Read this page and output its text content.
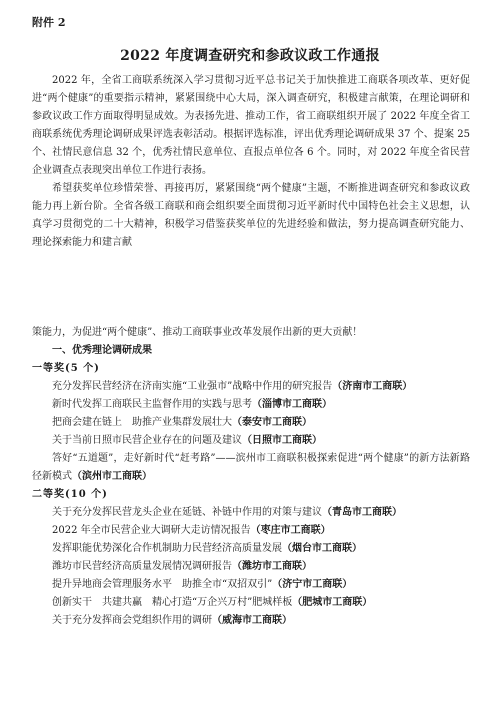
附件 2
2022 年度调查研究和参政议政工作通报

2022 年，全省工商联系统深入学习贯彻习近平总书记关于加快推进工商联各项改革、更好促进“两个健康”的重要指示精神，紧紧围绕中心大局，深入调查研究，积极建言献策，在理论调研和参政议政工作方面取得明显成效。为表扬先进、推动工作，省工商联组织开展了 2022 年度全省工商联系统优秀理论调研成果评选表彰活动。根据评选标准，评出优秀理论调研成果 37 个、提案 25 个、社情民意信息 32 个，优秀社情民意单位、直报点单位各 6 个。同时，对 2022 年度全省民营企业调查点表现突出单位工作进行表扬。

希望获奖单位珍惜荣誉、再接再厉，紧紧围绕“两个健康”主题，不断推进调查研究和参政议政能力再上新台阶。全省各级工商联和商会组织要全面贯彻习近平新时代中国特色社会主义思想，认真学习贯彻党的二十大精神，积极学习借鉴获奖单位的先进经验和做法，努力提高调查研究能力、理论探索能力和建言献

策能力，为促进“两个健康”、推动工商联事业改革发展作出新的更大贡献！

一、优秀理论调研成果

一等奖(5 个)

充分发挥民营经济在济南实施“工业强市”战略中作用的研究报告（济南市工商联）

新时代发挥工商联民主监督作用的实践与思考（淄博市工商联）

把商会建在链上　助推产业集群发展壮大（泰安市工商联）

关于当前日照市民营企业存在的问题及建议（日照市工商联）

答好“五道题”，走好新时代“赶考路”——滨州市工商联积极探索促进“两个健康”的新方法新路径新模式（滨州市工商联）

二等奖(10 个)

关于充分发挥民营龙头企业在延链、补链中作用的对策与建议（青岛市工商联）

2022 年全市民营企业大调研大走访情况报告（枣庄市工商联）

发挥职能优势深化合作机制助力民营经济高质量发展（烟台市工商联）

潍坊市民营经济高质量发展情况调研报告（潍坊市工商联）

提升异地商会管理服务水平　助推全市“双招双引”（济宁市工商联）

创新实干　共建共赢　精心打造“万企兴万村”肥城样板（肥城市工商联）

关于充分发挥商会党组织作用的调研（威海市工商联）
